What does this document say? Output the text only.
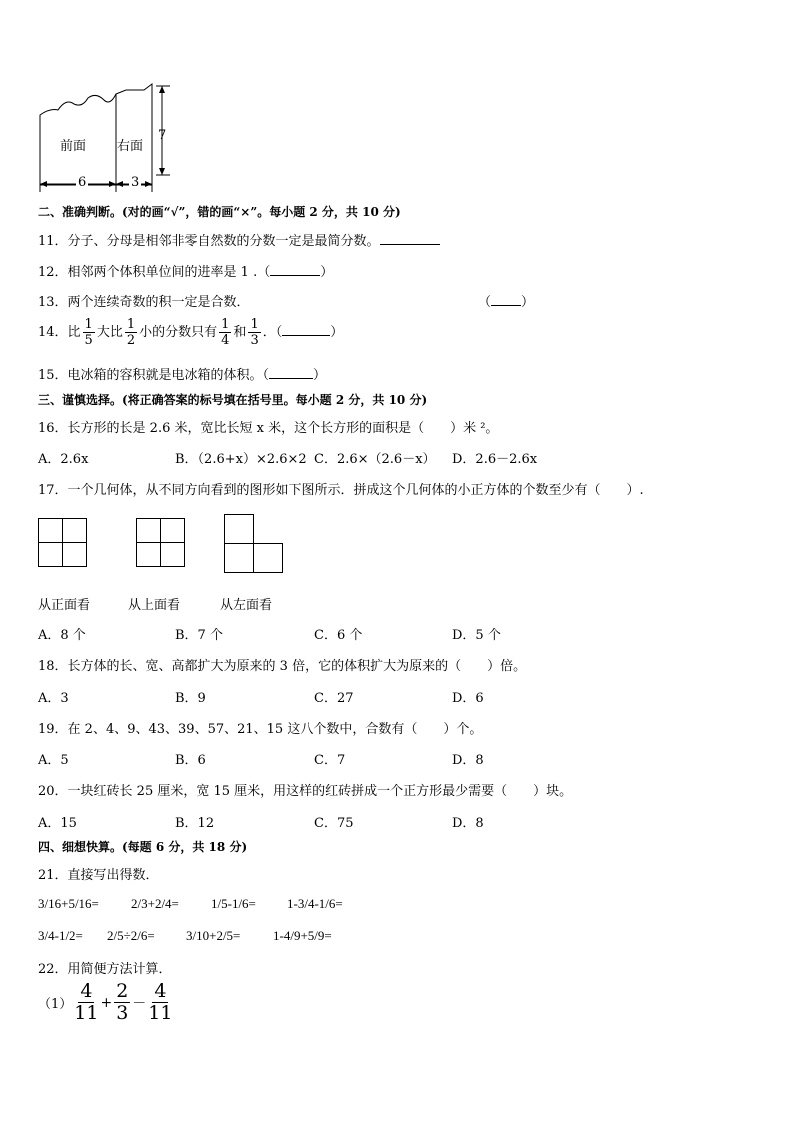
前面 右面
7
6	3
二、准确判断。(对的画“√”，错的画“×”。每小题 2 分，共 10 分)
11．分子、分母是相邻非零自然数的分数一定是最简分数。
12．相邻两个体积单位间的进率是 1 .（	）
13．两个连续奇数的积一定是合数．	（ ）
14．比 $\frac{1}{5}$ 大比 $\frac{1}{2}$ 小的分数只有 $\frac{1}{4}$ 和 $\frac{1}{3}$ ．（	）
15．电冰箱的容积就是电冰箱的体积。（	）
三、谨慎选择。(将正确答案的标号填在括号里。每小题 2 分，共 10 分)
16．长方形的长是 2.6 米，宽比长短 x 米，这个长方形的面积是（　　）米 ²。
A．2.6x	B．（2.6+x）×2.6×2 C．2.6×（2.6－x） D．2.6－2.6x
17．一个几何体，从不同方向看到的图形如下图所示．拼成这个几何体的小正方体的个数至少有（　　）.
从正面看	从上面看	从左面看
A．8 个	B．7 个	C．6 个	D．5 个
18．长方体的长、宽、高都扩大为原来的 3 倍，它的体积扩大为原来的（　　）倍。
A．3	B．9	C．27	D．6
19．在 2、4、9、43、39、57、21、15 这八个数中，合数有（　　）个。
A．5	B．6	C．7	D．8
20．一块红砖长 25 厘米，宽 15 厘米，用这样的红砖拼成一个正方形最少需要（　　）块。
A．15	B．12	C．75	D．8
四、细想快算。(每题 6 分，共 18 分)
21．直接写出得数．
3/16+5/16= 2/3+2/4= 1/5-1/6= 1-3/4-1/6=
3/4-1/2= 2/5÷2/6= 3/10+2/5=	1-4/9+5/9=
22．用简便方法计算．
$(1) \frac{4}{11} + \frac{2}{3} - \frac{4}{11}$
